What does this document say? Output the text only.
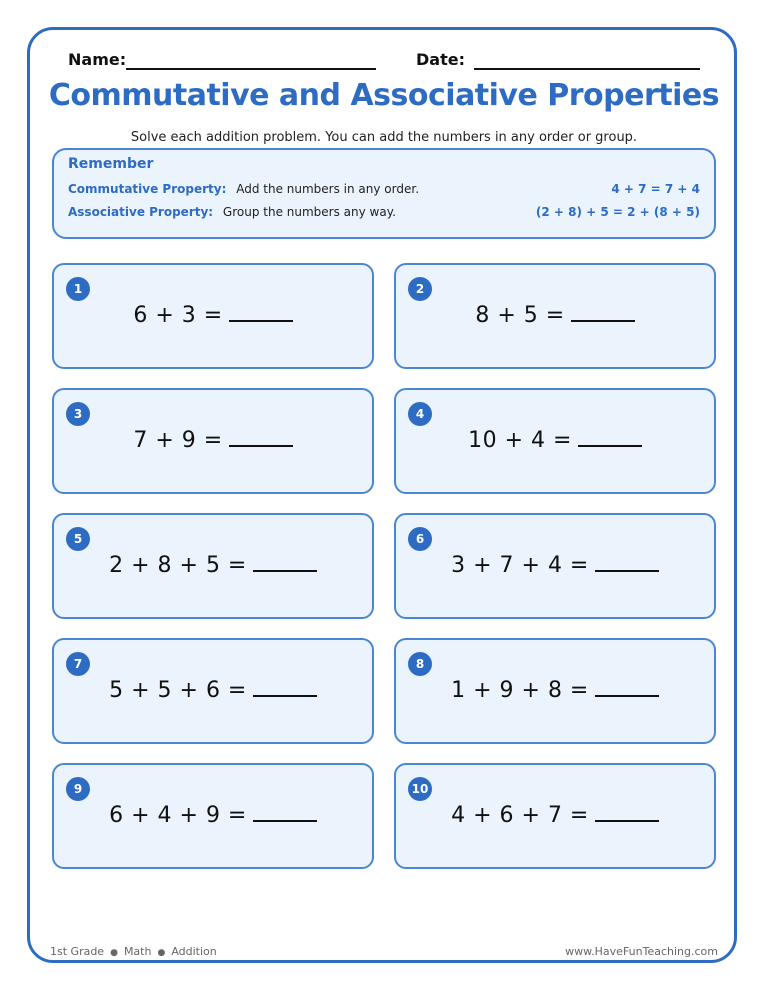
Name:	Date:
Commutative and Associative Properties
Solve each addition problem. You can add the numbers in any order or group.
Remember
Commutative Property: Add the numbers in any order.	4 + 7 = 7 + 4
Associative Property: Group the numbers any way.	(2 + 8) + 5 = 2 + (8 + 5)
1
6 + 3 =
2
8 + 5 =
3
7 + 9 =
4
10 + 4 =
5
2 + 8 + 5 =
6
3 + 7 + 4 =
7
5 + 5 + 6 =
8
1 + 9 + 8 =
9
6 + 4 + 9 =
10
4 + 6 + 7 =
1st Grade ● Math ● Addition	www.HaveFunTeaching.com
